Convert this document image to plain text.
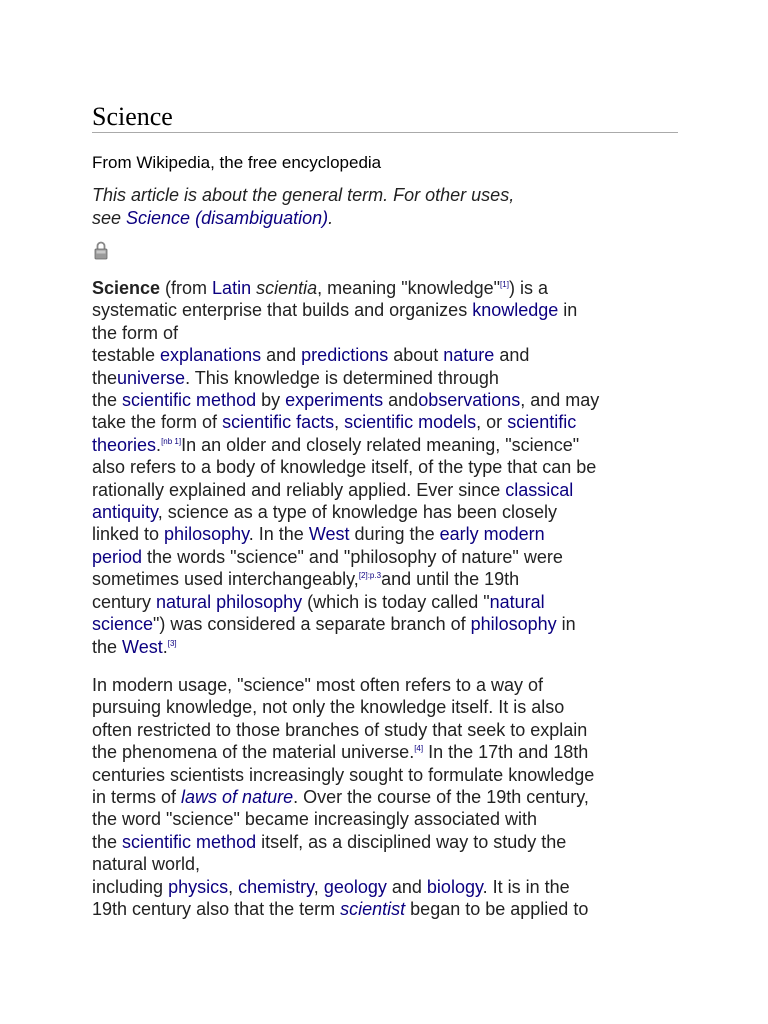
Science
From Wikipedia, the free encyclopedia
This article is about the general term. For other uses,
see Science (disambiguation).
Science (from Latin scientia, meaning "knowledge"[1]) is a
systematic enterprise that builds and organizes knowledge in
the form of
testable explanations and predictions about nature and
theuniverse. This knowledge is determined through
the scientific method by experiments andobservations, and may
take the form of scientific facts, scientific models, or scientific
theories.[nb 1]In an older and closely related meaning, "science"
also refers to a body of knowledge itself, of the type that can be
rationally explained and reliably applied. Ever since classical
antiquity, science as a type of knowledge has been closely
linked to philosophy. In the West during the early modern
period the words "science" and "philosophy of nature" were
sometimes used interchangeably,$^{[2]:p.3}$and until the 19th
century natural philosophy (which is today called "natural
science") was considered a separate branch of philosophy in
the West.[3]
In modern usage, "science" most often refers to a way of
pursuing knowledge, not only the knowledge itself. It is also
often restricted to those branches of study that seek to explain
the phenomena of the material universe.[4] In the 17th and 18th
centuries scientists increasingly sought to formulate knowledge
in terms of laws of nature. Over the course of the 19th century,
the word "science" became increasingly associated with
the scientific method itself, as a disciplined way to study the
natural world,
including physics, chemistry, geology and biology. It is in the
19th century also that the term scientist began to be applied to
